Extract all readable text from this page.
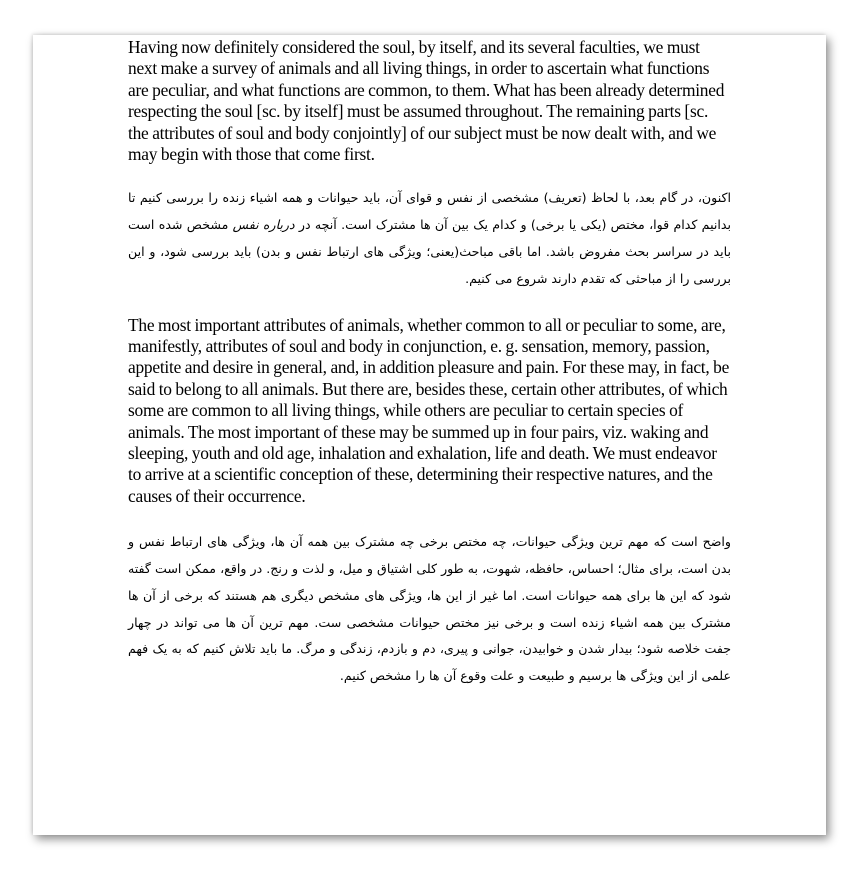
Having now definitely considered the soul, by itself, and its several faculties, we must next make a survey of animals and all living things, in order to ascertain what functions are peculiar, and what functions are common, to them. What has been already determined respecting the soul [sc. by itself] must be assumed throughout. The remaining parts [sc. the attributes of soul and body conjointly] of our subject must be now dealt with, and we may begin with those that come first.

اکنون، در گام بعد، با لحاظ (تعریف) مشخصی از نفس و قوای آن، باید حیوانات و همه اشیاء زنده را بررسی کنیم تا بدانیم کدام قوا، مختص (یکی یا برخی) و کدام یک بین آن ها مشترک است. آنچه در درباره نفس مشخص شده است باید در سراسر بحث مفروض باشد. اما باقی مباحث(یعنی؛ ویژگی های ارتباط نفس و بدن) باید بررسی شود، و این بررسی را از مباحثی که تقدم دارند شروع می کنیم.

The most important attributes of animals, whether common to all or peculiar to some, are, manifestly, attributes of soul and body in conjunction, e. g. sensation, memory, passion, appetite and desire in general, and, in addition pleasure and pain. For these may, in fact, be said to belong to all animals. But there are, besides these, certain other attributes, of which some are common to all living things, while others are peculiar to certain species of animals. The most important of these may be summed up in four pairs, viz. waking and sleeping, youth and old age, inhalation and exhalation, life and death. We must endeavor to arrive at a scientific conception of these, determining their respective natures, and the causes of their occurrence.

واضح است که مهم ترین ویژگی حیوانات، چه مختص برخی چه مشترک بین همه آن ها، ویژگی های ارتباط نفس و بدن است، برای مثال؛ احساس، حافظه، شهوت، به طور کلی اشتیاق و میل، و لذت و رنج. در واقع، ممکن است گفته شود که این ها برای همه حیوانات است. اما غیر از این ها، ویژگی های مشخص دیگری هم هستند که برخی از آن ها مشترک بین همه اشیاء زنده است و برخی نیز مختص حیوانات مشخصی ست. مهم ترین آن ها می تواند در چهار جفت خلاصه شود؛ بیدار شدن و خوابیدن، جوانی و پیری، دم و بازدم، زندگی و مرگ. ما باید تلاش کنیم که به یک فهم علمی از این ویژگی ها برسیم و طبیعت و علت وقوع آن ها را مشخص کنیم.
